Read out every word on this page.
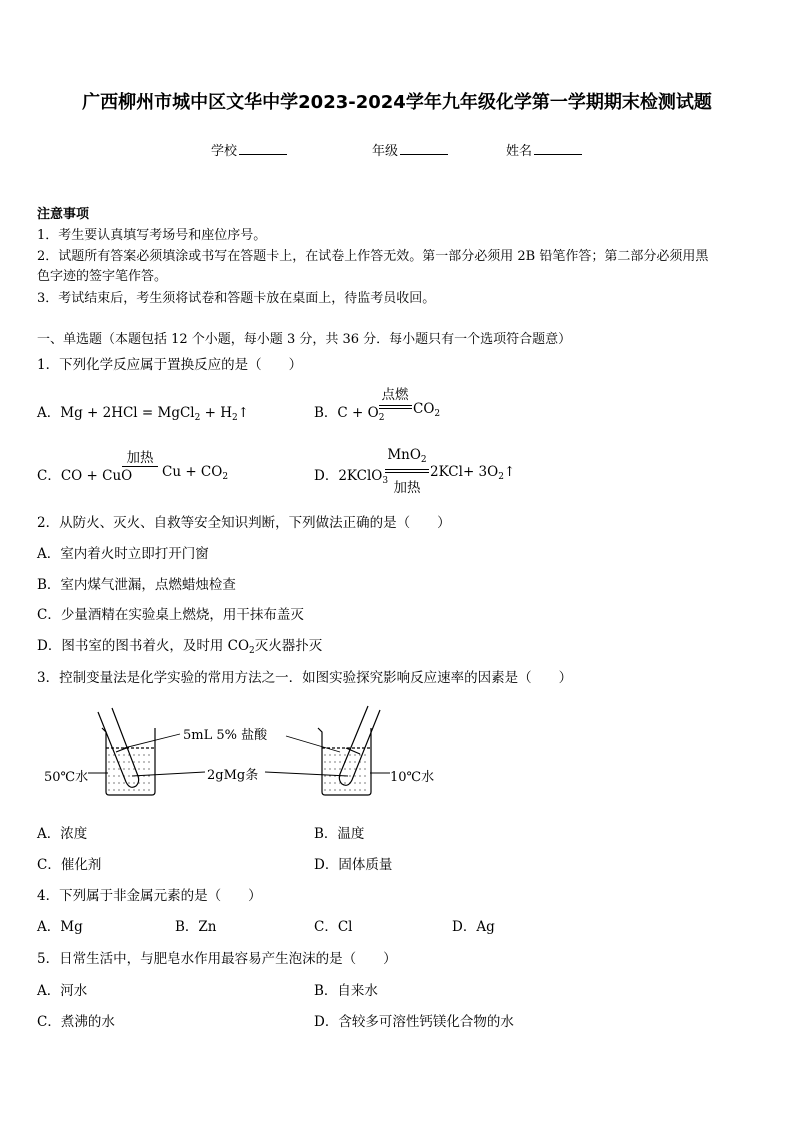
广西柳州市城中区文华中学2023-2024学年九年级化学第一学期期末检测试题
学校	年级	姓名
注意事项
1．考生要认真填写考场号和座位序号。
2．试题所有答案必须填涂或书写在答题卡上，在试卷上作答无效。第一部分必须用 2B 铅笔作答；第二部分必须用黑
色字迹的签字笔作答。
3．考试结束后，考生须将试卷和答题卡放在桌面上，待监考员收回。
一、单选题（本题包括 12 个小题，每小题 3 分，共 36 分．每小题只有一个选项符合题意）
1．下列化学反应属于置换反应的是（　　）
A．Mg + 2HCl = MgCl$_2$ + $H_2↑$	B．$C + O_2$
点燃
$CO_2$
C．CO + CuO
加热
$Cu + CO_2$	D．2KClO$_3$
MnO$_2$
加热
$2KCl+ 3O_2↑$
2．从防火、灭火、自救等安全知识判断，下列做法正确的是（　　）
A．室内着火时立即打开门窗
B．室内煤气泄漏，点燃蜡烛检查
C．少量酒精在实验桌上燃烧，用干抹布盖灭
D．图书室的图书着火，及时用 $CO_2$灭火器扑灭
3．控制变量法是化学实验的常用方法之一．如图实验探究影响反应速率的因素是（　　）
5mL 5% 盐酸
2gMg条
50℃水	10℃水
A．浓度	B．温度
C．催化剂	D．固体质量
4．下列属于非金属元素的是（　　）
A．Mg	B．Zn	C．Cl	D．Ag
5．日常生活中，与肥皂水作用最容易产生泡沫的是（　　）
A．河水	B．自来水
C．煮沸的水	D．含较多可溶性钙镁化合物的水
